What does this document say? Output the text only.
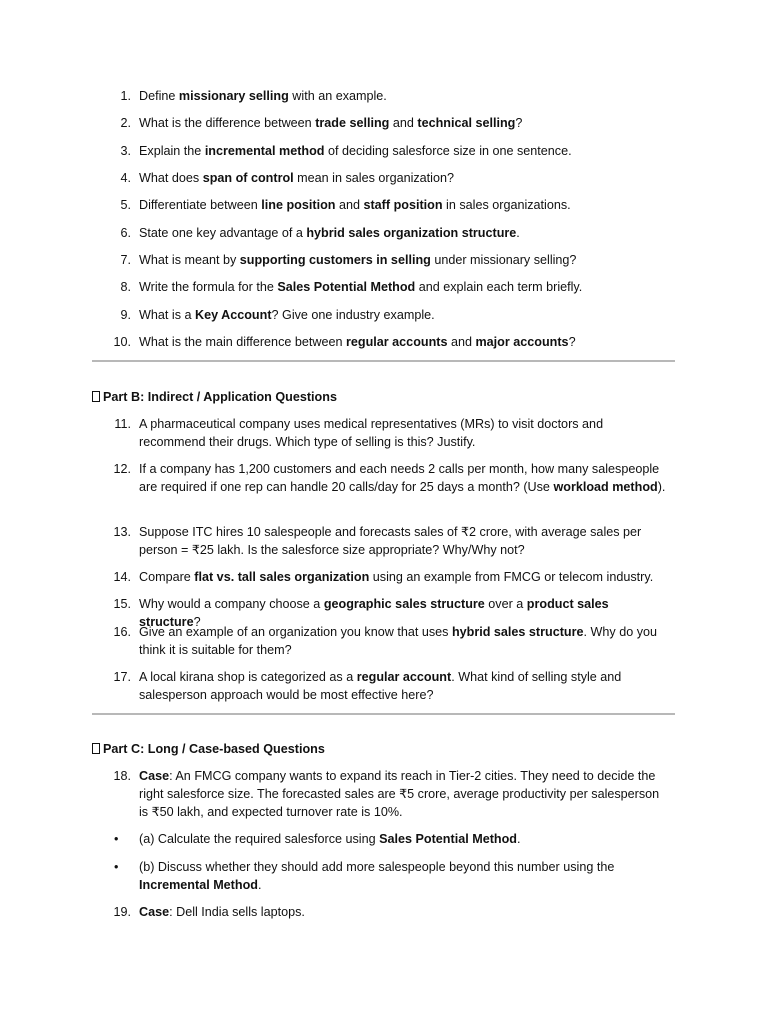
1. Define missionary selling with an example.
2. What is the difference between trade selling and technical selling?
3. Explain the incremental method of deciding salesforce size in one sentence.
4. What does span of control mean in sales organization?
5. Differentiate between line position and staff position in sales organizations.
6. State one key advantage of a hybrid sales organization structure.
7. What is meant by supporting customers in selling under missionary selling?
8. Write the formula for the Sales Potential Method and explain each term briefly.
9. What is a Key Account? Give one industry example.
10. What is the main difference between regular accounts and major accounts?
Part B: Indirect / Application Questions
11. A pharmaceutical company uses medical representatives (MRs) to visit doctors and recommend their drugs. Which type of selling is this? Justify.
12. If a company has 1,200 customers and each needs 2 calls per month, how many salespeople are required if one rep can handle 20 calls/day for 25 days a month? (Use workload method).
13. Suppose ITC hires 10 salespeople and forecasts sales of ₹2 crore, with average sales per person = ₹25 lakh. Is the salesforce size appropriate? Why/Why not?
14. Compare flat vs. tall sales organization using an example from FMCG or telecom industry.
15. Why would a company choose a geographic sales structure over a product sales structure?
16. Give an example of an organization you know that uses hybrid sales structure. Why do you think it is suitable for them?
17. A local kirana shop is categorized as a regular account. What kind of selling style and salesperson approach would be most effective here?
Part C: Long / Case-based Questions
18. Case: An FMCG company wants to expand its reach in Tier-2 cities. They need to decide the right salesforce size. The forecasted sales are ₹5 crore, average productivity per salesperson is ₹50 lakh, and expected turnover rate is 10%.
•	(a) Calculate the required salesforce using Sales Potential Method.
•	(b) Discuss whether they should add more salespeople beyond this number using the Incremental Method.
19. Case: Dell India sells laptops.
